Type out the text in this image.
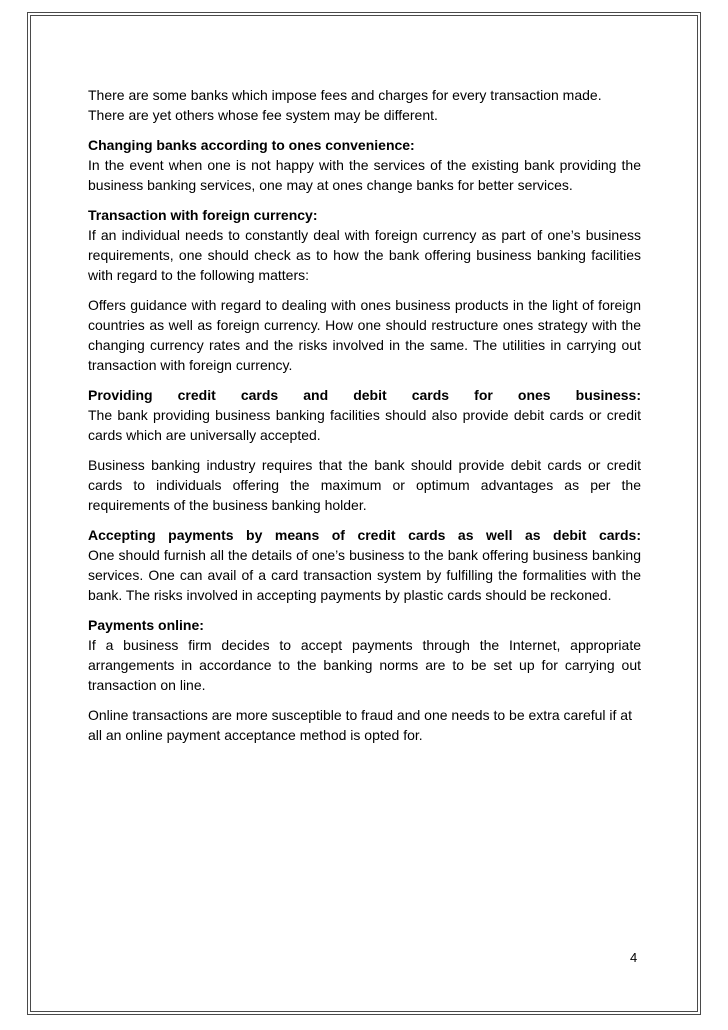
There are some banks which impose fees and charges for every transaction made.
There are yet others whose fee system may be different.

Changing banks according to ones convenience:
In the event when one is not happy with the services of the existing bank providing the business banking services, one may at ones change banks for better services.

Transaction with foreign currency:
If an individual needs to constantly deal with foreign currency as part of one’s business requirements, one should check as to how the bank offering business banking facilities with regard to the following matters:

Offers guidance with regard to dealing with ones business products in the light of foreign countries as well as foreign currency. How one should restructure ones strategy with the changing currency rates and the risks involved in the same. The utilities in carrying out transaction with foreign currency.

Providing credit cards and debit cards for ones business:
The bank providing business banking facilities should also provide debit cards or credit cards which are universally accepted.

Business banking industry requires that the bank should provide debit cards or credit cards to individuals offering the maximum or optimum advantages as per the requirements of the business banking holder.

Accepting payments by means of credit cards as well as debit cards:
One should furnish all the details of one’s business to the bank offering business banking services. One can avail of a card transaction system by fulfilling the formalities with the bank. The risks involved in accepting payments by plastic cards should be reckoned.

Payments online:
If a business firm decides to accept payments through the Internet, appropriate arrangements in accordance to the banking norms are to be set up for carrying out transaction on line.

Online transactions are more susceptible to fraud and one needs to be extra careful if at all an online payment acceptance method is opted for.

4
